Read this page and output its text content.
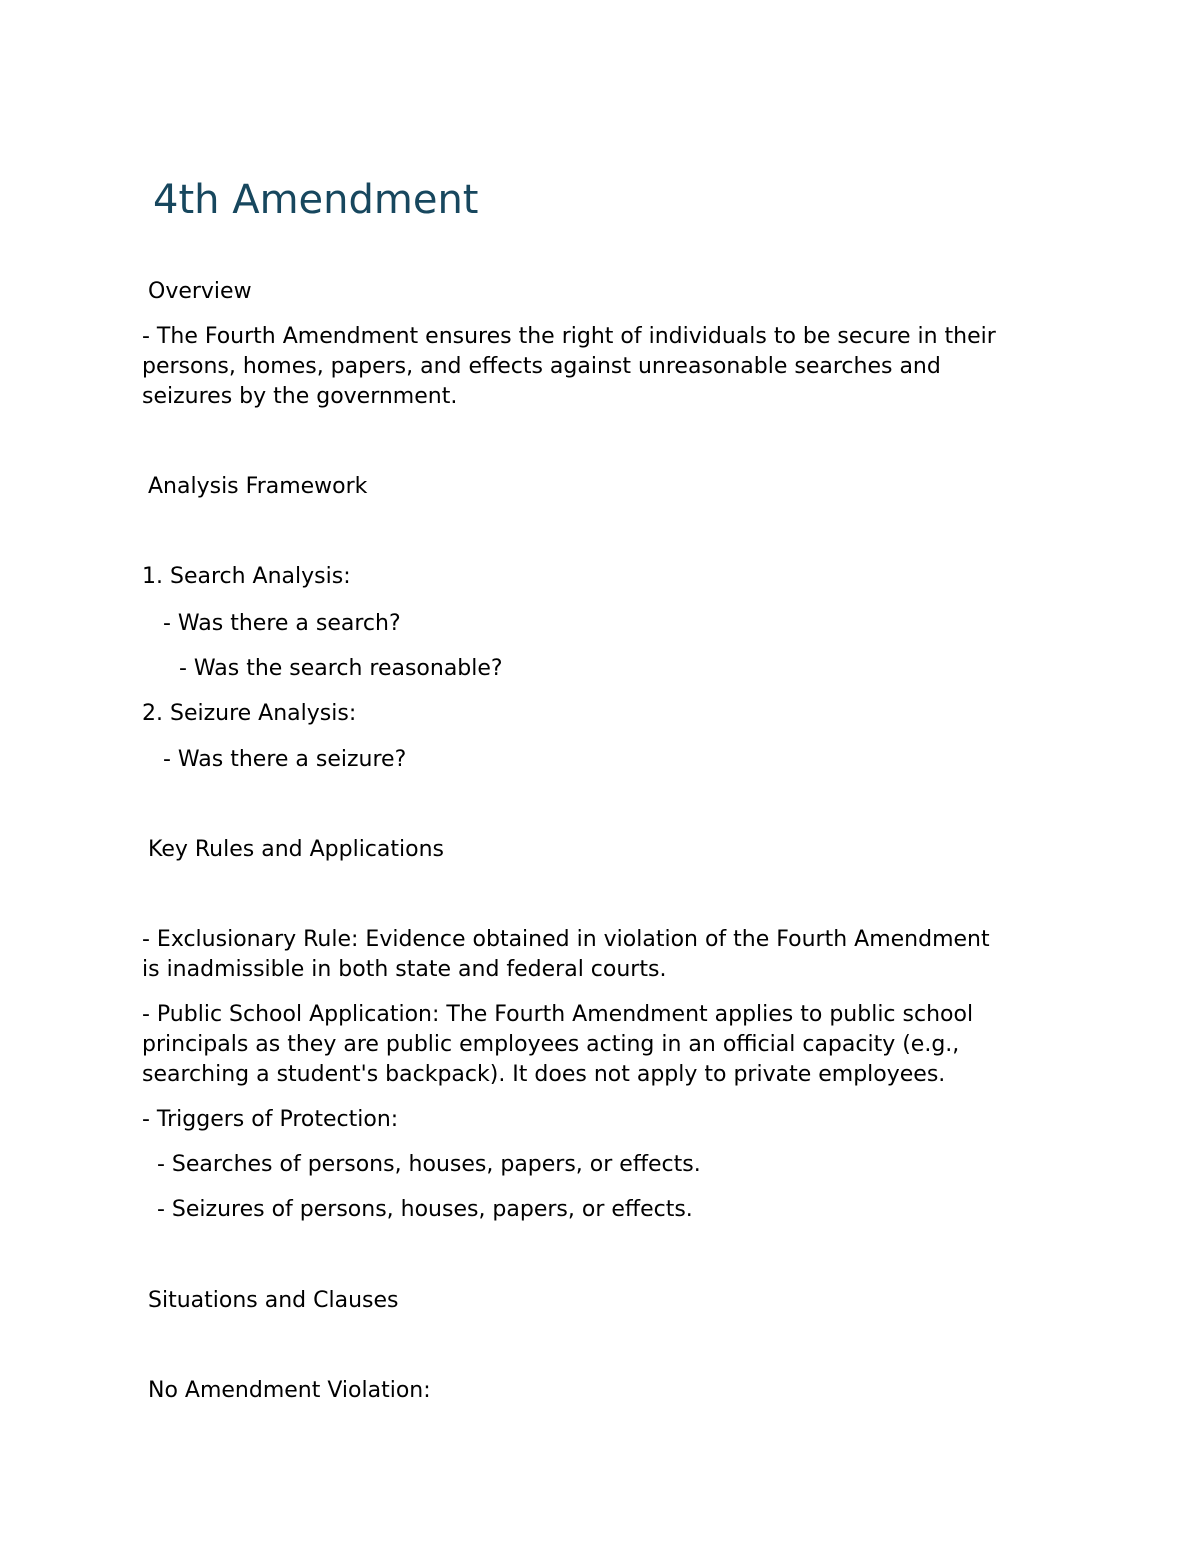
4th Amendment
Overview
- The Fourth Amendment ensures the right of individuals to be secure in their
persons, homes, papers, and effects against unreasonable searches and
seizures by the government.
Analysis Framework
1. Search Analysis:
- Was there a search?
- Was the search reasonable?
2. Seizure Analysis:
- Was there a seizure?
Key Rules and Applications
- Exclusionary Rule: Evidence obtained in violation of the Fourth Amendment
is inadmissible in both state and federal courts.
- Public School Application: The Fourth Amendment applies to public school
principals as they are public employees acting in an official capacity (e.g.,
searching a student's backpack). It does not apply to private employees.
- Triggers of Protection:
- Searches of persons, houses, papers, or effects.
- Seizures of persons, houses, papers, or effects.
Situations and Clauses
No Amendment Violation:
